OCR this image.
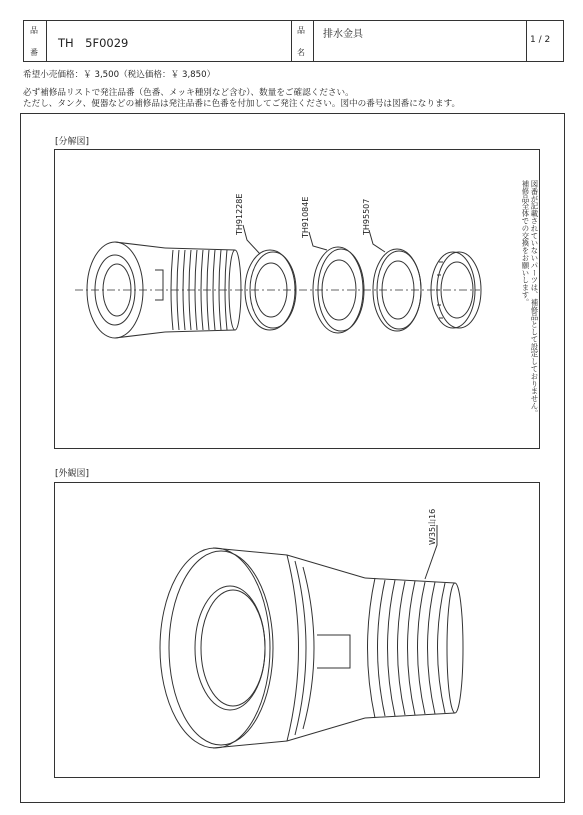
品
番
TH　5F0029
品
名
排水金具	1 / 2
希望小売価格：￥ 3,500（税込価格：￥ 3,850）
必ず補修品リストで発注品番（色番、メッキ種別など含む）、数量をご確認ください。
ただし、タンク、便器などの補修品は発注品番に色番を付加してご発注ください。図中の番号は図番になります。
[分解図]
TH91228E	TH91084E	TH95507	図番が記載されていないパーツは、補修品として設定しておりません。
補修品全体での交換をお願いします。
[外観図]
W35山16
